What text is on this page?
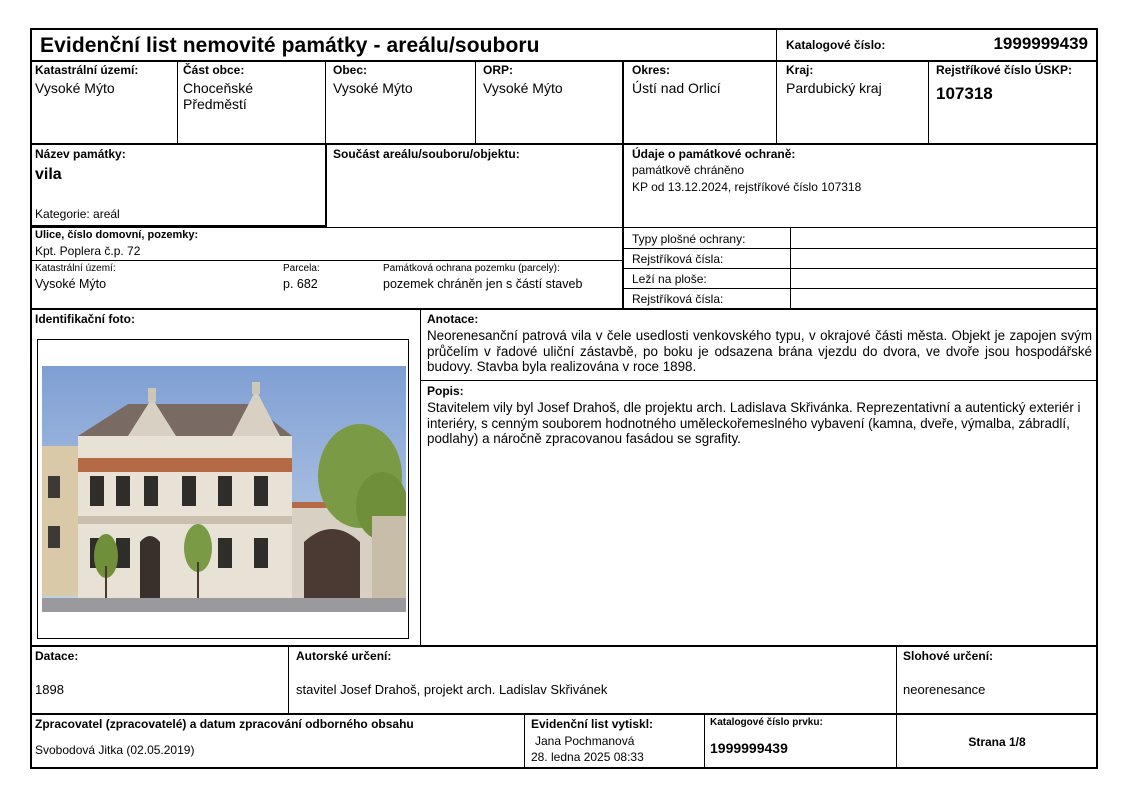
Evidenční list nemovité památky - areálu/souboru	Katalogové číslo:	1999999439
Katastrální území:
Vysoké Mýto
Část obce:
Choceňské Předměstí
Obec:
Vysoké Mýto
ORP:
Vysoké Mýto
Okres:
Ústí nad Orlicí
Kraj:
Pardubický kraj
Rejstříkové číslo ÚSKP:
107318
Název památky:
vila
Kategorie: areál
Součást areálu/souboru/objektu:	Údaje o památkové ochraně:
památkově chráněno
KP od 13.12.2024, rejstříkové číslo 107318
Ulice, číslo domovní, pozemky:
Kpt. Poplera č.p. 72
Katastrální území:
Vysoké Mýto
Parcela:
p. 682
Památková ochrana pozemku (parcely):
pozemek chráněn jen s částí staveb
Typy plošné ochrany:
Rejstříková čísla:
Leží na ploše:
Rejstříková čísla:
Identifikační foto:	Anotace:
Neorenesanční patrová vila v čele usedlosti venkovského typu, v okrajové části města. Objekt je zapojen svým průčelím v řadové uliční zástavbě, po boku je odsazena brána vjezdu do dvora, ve dvoře jsou hospodářské budovy. Stavba byla realizována v roce 1898.
Popis:
Stavitelem vily byl Josef Drahoš, dle projektu arch. Ladislava Skřivánka. Reprezentativní a autentický exteriér i interiéry, s cenným souborem hodnotného uměleckořemeslného vybavení (kamna, dveře, výmalba, zábradlí, podlahy) a náročně zpracovanou fasádou se sgrafity.
Datace:
1898
Autorské určení:
stavitel Josef Drahoš, projekt arch. Ladislav Skřivánek
Slohové určení:
neorenesance
Zpracovatel (zpracovatelé) a datum zpracování odborného obsahu
Svobodová Jitka (02.05.2019)
Evidenční list vytiskl:
Jana Pochmanová
28. ledna 2025 08:33
Katalogové číslo prvku:
1999999439	Strana 1/8
